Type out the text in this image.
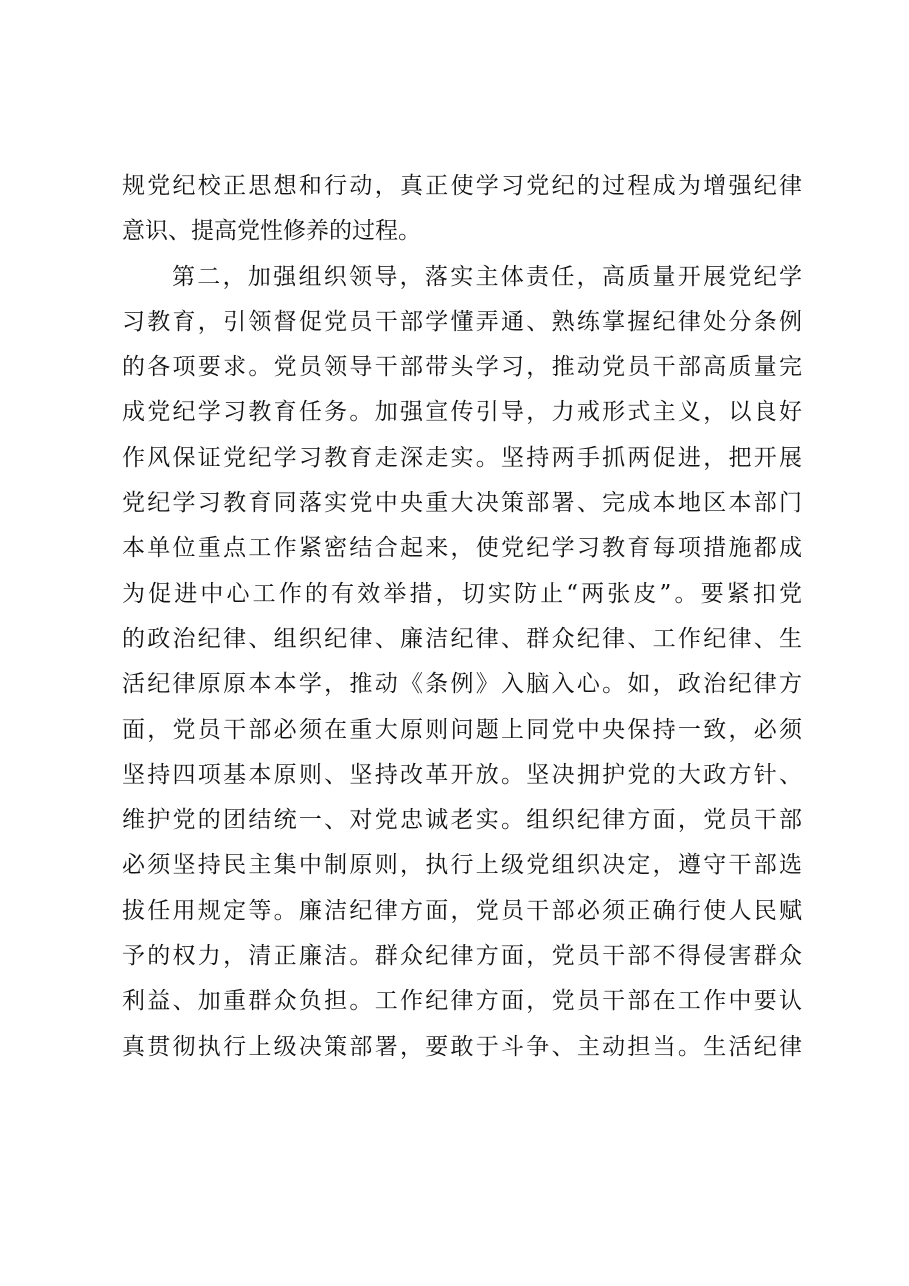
规党纪校正思想和行动，真正使学习党纪的过程成为增强纪律
意识、提高党性修养的过程。
第二，加强组织领导，落实主体责任，高质量开展党纪学
习教育，引领督促党员干部学懂弄通、熟练掌握纪律处分条例
的各项要求。党员领导干部带头学习，推动党员干部高质量完
成党纪学习教育任务。加强宣传引导，力戒形式主义，以良好
作风保证党纪学习教育走深走实。坚持两手抓两促进，把开展
党纪学习教育同落实党中央重大决策部署、完成本地区本部门
本单位重点工作紧密结合起来，使党纪学习教育每项措施都成
为促进中心工作的有效举措，切实防止“两张皮”。要紧扣党
的政治纪律、组织纪律、廉洁纪律、群众纪律、工作纪律、生
活纪律原原本本学，推动《条例》入脑入心。如，政治纪律方
面，党员干部必须在重大原则问题上同党中央保持一致，必须
坚持四项基本原则、坚持改革开放。坚决拥护党的大政方针、
维护党的团结统一、对党忠诚老实。组织纪律方面，党员干部
必须坚持民主集中制原则，执行上级党组织决定，遵守干部选
拔任用规定等。廉洁纪律方面，党员干部必须正确行使人民赋
予的权力，清正廉洁。群众纪律方面，党员干部不得侵害群众
利益、加重群众负担。工作纪律方面，党员干部在工作中要认
真贯彻执行上级决策部署，要敢于斗争、主动担当。生活纪律
